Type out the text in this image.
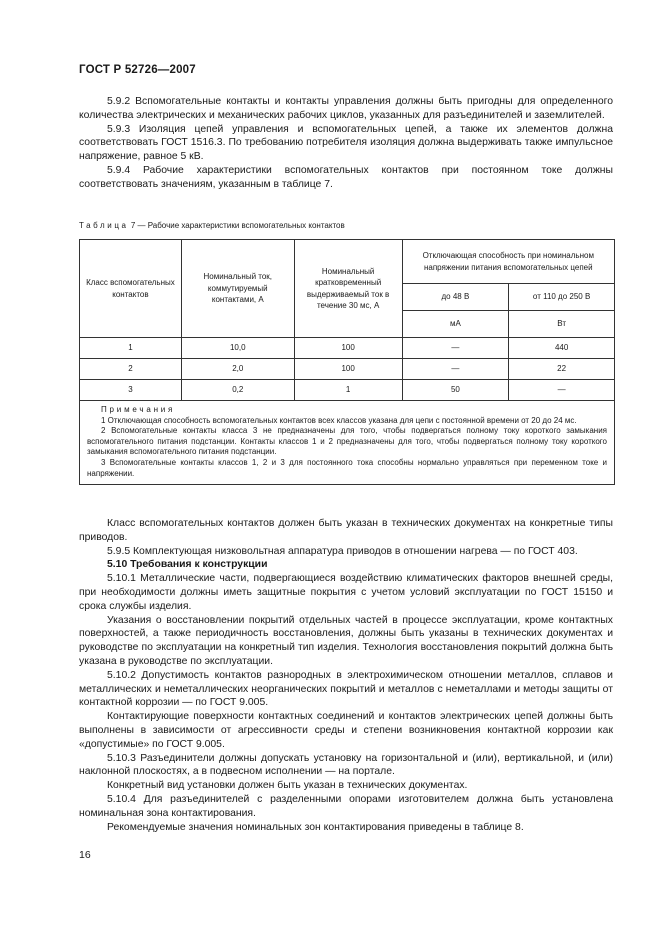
ГОСТ Р 52726—2007

5.9.2 Вспомогательные контакты и контакты управления должны быть пригодны для определенного количества электрических и механических рабочих циклов, указанных для разъединителей и заземлителей.

5.9.3 Изоляция цепей управления и вспомогательных цепей, а также их элементов должна соответствовать ГОСТ 1516.3. По требованию потребителя изоляция должна выдерживать также импульсное напряжение, равное 5 кВ.

5.9.4 Рабочие характеристики вспомогательных контактов при постоянном токе должны соответствовать значениям, указанным в таблице 7.

Таблица 7 — Рабочие характеристики вспомогательных контактов
Класс вспомогательных контактов	Номинальный ток, коммутируемый контактами, А	Номинальный кратковременный выдерживаемый ток в течение 30 мс, А	Отключающая способность при номинальном напряжении питания вспомогательных цепей	
			до 48 В	от 110 до 250 В
			мА	Вт
1	10,0	100	—	440
2	2,0	100	—	22
3	0,2	1	50	—

Примечания

1 Отключающая способность вспомогательных контактов всех классов указана для цепи с постоянной времени от 20 до 24 мс.

2 Вспомогательные контакты класса 3 не предназначены для того, чтобы подвергаться полному току короткого замыкания вспомогательного питания подстанции. Контакты классов 1 и 2 предназначены для того, чтобы подвергаться полному току короткого замыкания вспомогательного питания подстанции.

3 Вспомогательные контакты классов 1, 2 и 3 для постоянного тока способны нормально управляться при переменном токе и напряжении.				

Класс вспомогательных контактов должен быть указан в технических документах на конкретные типы приводов.

5.9.5 Комплектующая низковольтная аппаратура приводов в отношении нагрева — по ГОСТ 403.

5.10 Требования к конструкции

5.10.1 Металлические части, подвергающиеся воздействию климатических факторов внешней среды, при необходимости должны иметь защитные покрытия с учетом условий эксплуатации по ГОСТ 15150 и срока службы изделия.

Указания о восстановлении покрытий отдельных частей в процессе эксплуатации, кроме контактных поверхностей, а также периодичность восстановления, должны быть указаны в технических документах и руководстве по эксплуатации на конкретный тип изделия. Технология восстановления покрытий должна быть указана в руководстве по эксплуатации.

5.10.2 Допустимость контактов разнородных в электрохимическом отношении металлов, сплавов и металлических и неметаллических неорганических покрытий и металлов с неметаллами и методы защиты от контактной коррозии — по ГОСТ 9.005.

Контактирующие поверхности контактных соединений и контактов электрических цепей должны быть выполнены в зависимости от агрессивности среды и степени возникновения контактной коррозии как «допустимые» по ГОСТ 9.005.

5.10.3 Разъединители должны допускать установку на горизонтальной и (или), вертикальной, и (или) наклонной плоскостях, а в подвесном исполнении — на портале.

Конкретный вид установки должен быть указан в технических документах.

5.10.4 Для разъединителей с разделенными опорами изготовителем должна быть установлена номинальная зона контактирования.

Рекомендуемые значения номинальных зон контактирования приведены в таблице 8.

16
